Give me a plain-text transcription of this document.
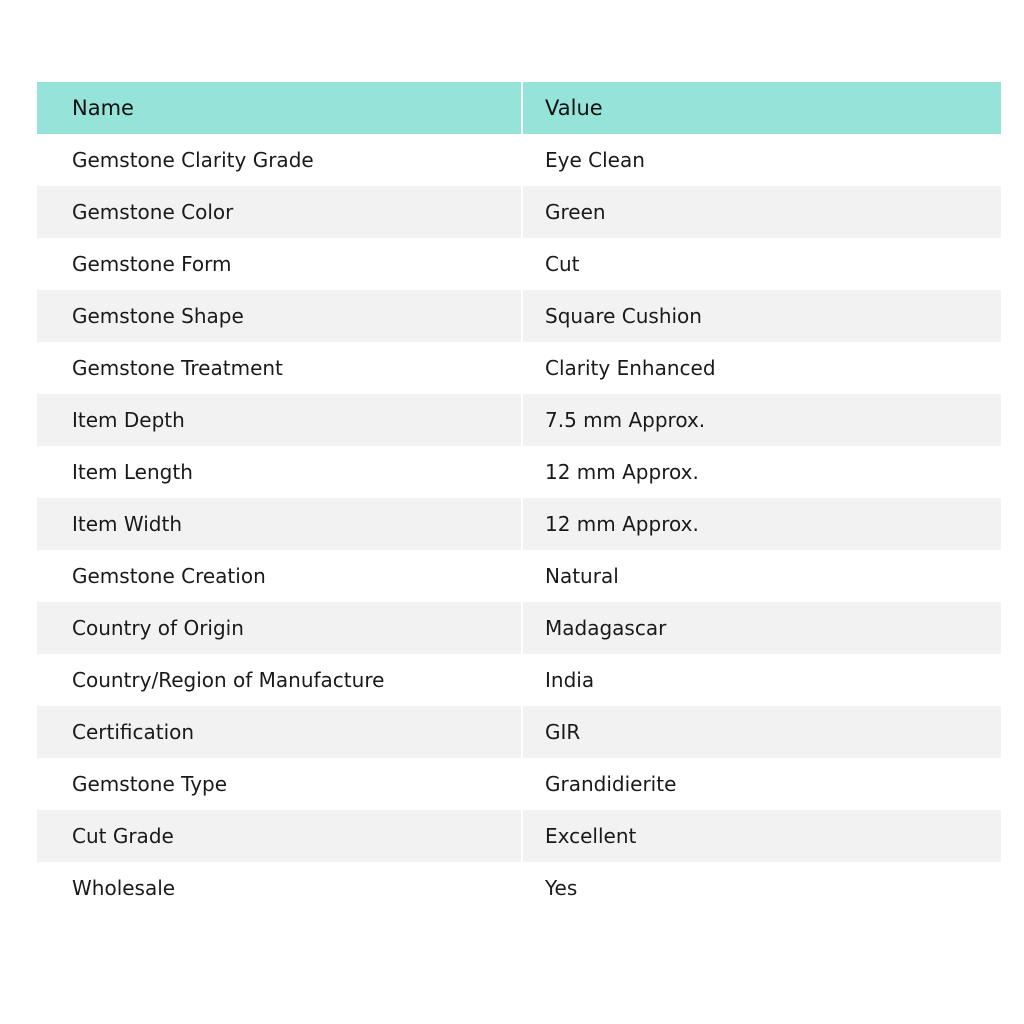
Name	Value
Gemstone Clarity Grade	Eye Clean
Gemstone Color	Green
Gemstone Form	Cut
Gemstone Shape	Square Cushion
Gemstone Treatment	Clarity Enhanced
Item Depth	7.5 mm Approx.
Item Length	12 mm Approx.
Item Width	12 mm Approx.
Gemstone Creation	Natural
Country of Origin	Madagascar
Country/Region of Manufacture	India
Certification	GIR
Gemstone Type	Grandidierite
Cut Grade	Excellent
Wholesale	Yes
